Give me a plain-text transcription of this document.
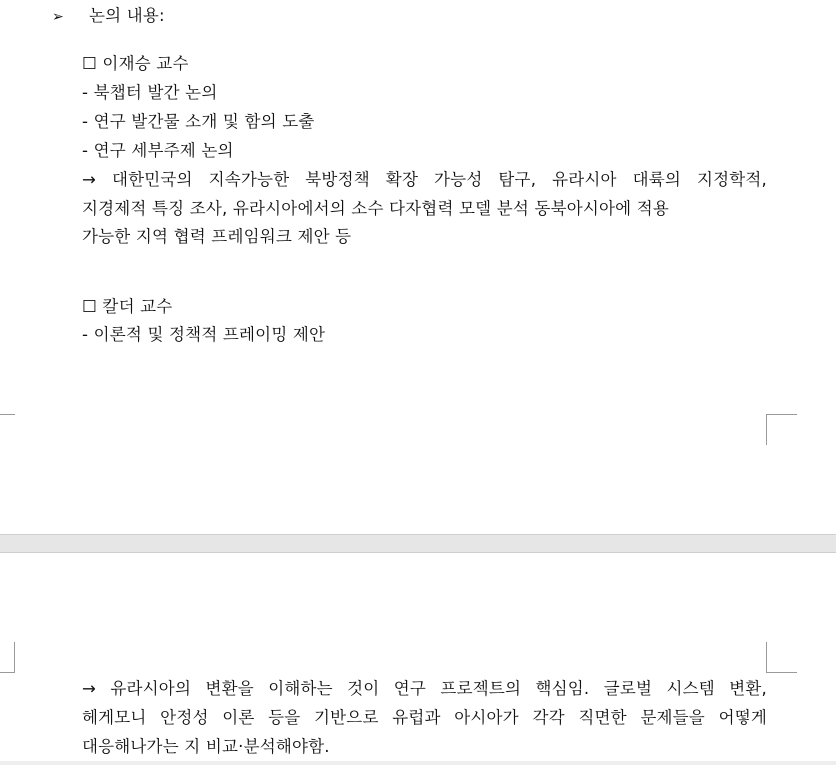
➢ 논의 내용:
☐ 이재승 교수
- 북챕터 발간 논의
- 연구 발간물 소개 및 함의 도출
- 연구 세부주제 논의
→ 대한민국의 지속가능한 북방정책 확장 가능성 탐구, 유라시아 대륙의 지정학적,
지경제적 특징 조사, 유라시아에서의 소수 다자협력 모델 분석 동북아시아에 적용
가능한 지역 협력 프레임워크 제안 등
☐ 칼더 교수
- 이론적 및 정책적 프레이밍 제안
→ 유라시아의 변환을 이해하는 것이 연구 프로젝트의 핵심임. 글로벌 시스템 변환,
헤게모니 안정성 이론 등을 기반으로 유럽과 아시아가 각각 직면한 문제들을 어떻게
대응해나가는 지 비교·분석해야함.
